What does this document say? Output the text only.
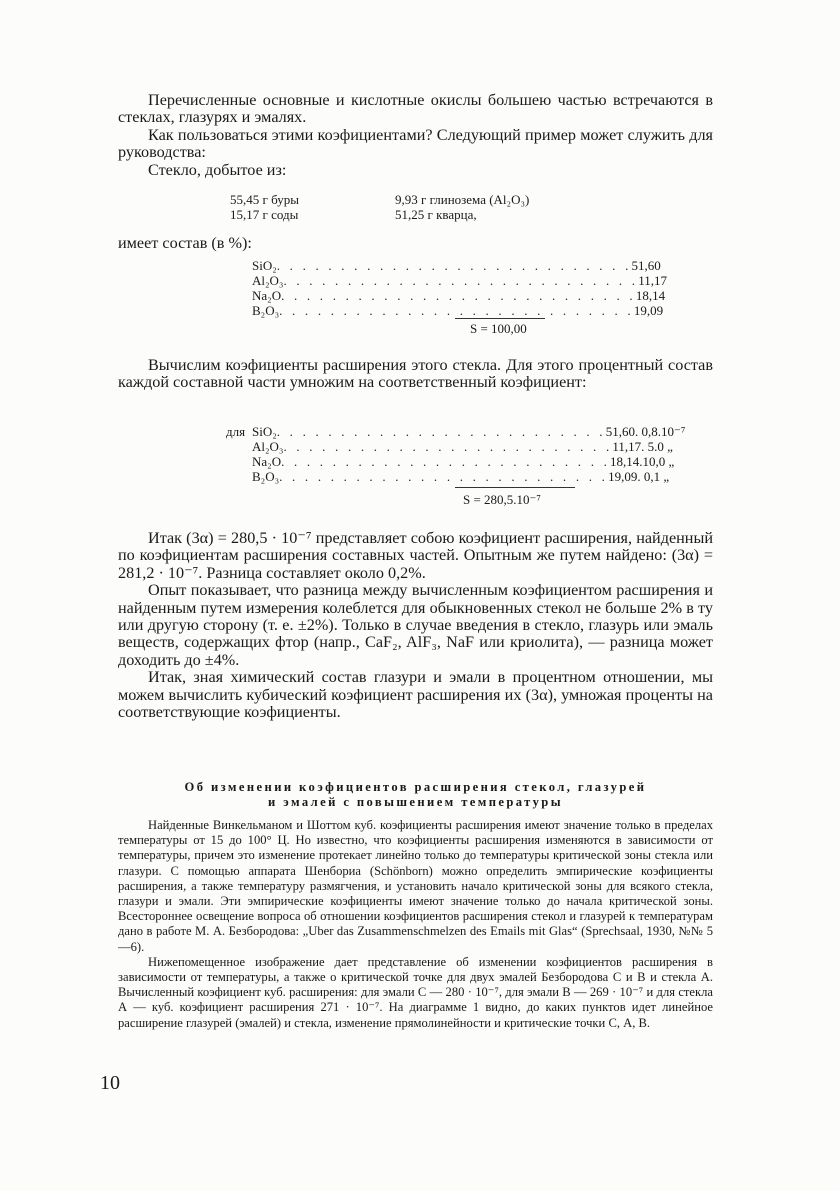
Перечисленные основные и кислотные окислы большею частью встречаются в стеклах, глазурях и эмалях.

Как пользоваться этими коэфициентами? Следующий пример может служить для руководства:

Стекло, добытое из:

55,45 г буры
15,17 г соды
9,93 г глинозема (Al₂O₃)
51,25 г кварца,
имеет состав (в %):
SiO₂ . . . . . . . . . . . . . . . . . . . . . . . . . . . . 51,60
Al₂O₃ . . . . . . . . . . . . . . . . . . . . . . . . . . . . 11,17
Na₂O . . . . . . . . . . . . . . . . . . . . . . . . . . . . 18,14
B₂O₃ . . . . . . . . . . . . . . . . . . . . . . . . . . . . 19,09
S = 100,00

Вычислим коэфициенты расширения этого стекла. Для этого процентный состав каждой составной части умножим на соответственный коэфициент:

для SiO₂ . . . . . . . . . . . . . . . . . . . . . . . . . . 51,60. 0,8.10⁻⁷
Al₂O₃ . . . . . . . . . . . . . . . . . . . . . . . . . . 11,17. 5.0 „
Na₂O . . . . . . . . . . . . . . . . . . . . . . . . . . 18,14.10,0 „
B₂O₃ . . . . . . . . . . . . . . . . . . . . . . . . . . 19,09. 0,1 „
S = 280,5.10⁻⁷

Итак (3α) = 280,5 · 10⁻⁷ представляет собою коэфициент расширения, найденный по коэфициентам расширения составных частей. Опытным же путем найдено: (3α) = 281,2 · 10⁻⁷. Разница составляет около 0,2%.

Опыт показывает, что разница между вычисленным коэфициентом расширения и найденным путем измерения колеблется для обыкновенных стекол не больше 2% в ту или другую сторону (т. е. ±2%). Только в случае введения в стекло, глазурь или эмаль веществ, содержащих фтор (напр., CaF₂, AlF₃, NaF или криолита), — разница может доходить до ±4%.

Итак, зная химический состав глазури и эмали в процентном отношении, мы можем вычислить кубический коэфициент расширения их (3α), умножая проценты на соответствующие коэфициенты.

Об изменении коэфициентов расширения стекол, глазурей
и эмалей с повышением температуры

Найденные Винкельманом и Шоттом куб. коэфициенты расширения имеют значение только в пределах температуры от 15 до 100° Ц. Но известно, что коэфициенты расширения изменяются в зависимости от температуры, причем это изменение протекает линейно только до температуры критической зоны стекла или глазури. С помощью аппарата Шенбориа (Schönborn) можно определить эмпирические коэфициенты расширения, а также температуру размягчения, и установить начало критической зоны для всякого стекла, глазури и эмали. Эти эмпирические коэфициенты имеют значение только до начала критической зоны. Всестороннее освещение вопроса об отношении коэфициентов расширения стекол и глазурей к температурам дано в работе М. А. Безбородова: „Uber das Zusammenschmelzen des Emails mit Glas“ (Sprechsaal, 1930, №№ 5—6).

Нижепомещенное изображение дает представление об изменении коэфициентов расширения в зависимости от температуры, а также о критической точке для двух эмалей Безбородова С и В и стекла А. Вычисленный коэфициент куб. расширения: для эмали С — 280 · 10⁻⁷, для эмали В — 269 · 10⁻⁷ и для стекла А — куб. коэфициент расширения 271 · 10⁻⁷. На диаграмме 1 видно, до каких пунктов идет линейное расширение глазурей (эмалей) и стекла, изменение прямолинейности и критические точки С, А, В.

10
